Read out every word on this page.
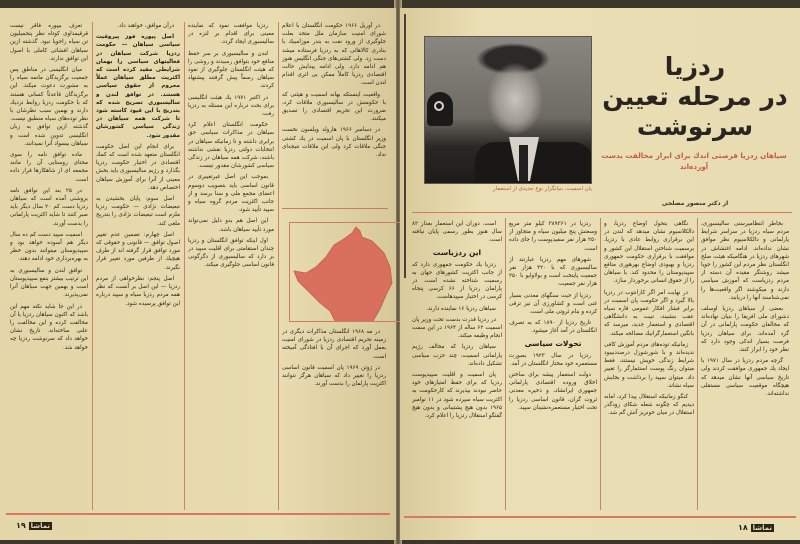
در آوریل ۱۹۶۶ حکومت انگلستان با اعلام شورای امنیت سازمان ملل متحد بعلت جلوگیری از ورود نفت به بندر موزامبیك با بنادری کالاهائی که به ردزیا فرستاده میشد دست زد. ولی کشتی‌های جنگی انگلیس هنوز هم ادامه دارد. ولی ادامه پیدایش حالت اقتصادی ردزیا کاملاً ممکن بی اثری اقدام لندن است.

واقعیت اینستکه بهانه اسمیت و هیئتی که با حکومتش در سالیسبوری ملاقات کرد، ضرورت این تحریم اقتصادی را تصدیق میکنند.

در دسامبر ۱۹۶۶ هارولد ویلسون نخست وزیر انگلستان با پان اسمیت در یك کشتی جنگی ملاقات کرد ولی این ملاقات نتیجه‌ای نداد.

در مه ۱۹۶۸ انگلستان مذاکرات دیگری در زمینه تحریم اقتصادی ردزیا در شورای امنیت بعمل آورد که اجرای آن با افتادگی آمیخته است.

در ژوئن ۱۹۶۹ پان اسمیت قانون اساسی ردزیا را تغییر داد که سیاهان هرگز نتوانند اکثریت پارلمان را بدست آورند.

ردزیا موافقت نمود که نماینده معینی برای اقدام بر لنزه در سالیسبوری ایجاد گردد.

لندن و سالیسبوری بر سر حفظ منافع خود بتوافق رسیدند و روشی را که هیئت انگلستان جلوگیری از نفوذ سیاهان رسماً پیش گرفتند پیشنهاد کردند.

در اکتبر ۱۹۷۱ یك هیئت انگلیسی برای بحث درباره این مسئله به ردزیا رفت.

حکومت انگلستان اعلام کرد سیاهان در مذاکرات سیاسی حق برابری داشته و تا زمانیکه سیاهان در انتخابات دولتی ردزیا نقشی نداشته باشند، شرکت همه سیاهان در زندگی سیاسی کشورشان مقدور نیست.

بموجب این اصل غیرتغییری در قانون اساسی باید بتصویب دوسوم اعضای مجمع ملی و سنا برسد و از جانب اکثریت مردم گروه سیاه و سپید تأیید شود.

این اصل هم بدو دلیل نمی‌تواند مورد تأیید سیاهان باشد.

اول اینکه توافق انگلستان و ردزیا چندان استقامتی برای اقلیت سپید در بر دارد که سالیسبوری از دگرگونی قانون اساسی جلوگیری میکند.

درآن موافق، خواهند داد.

اصل پیوره فوز پیروقیت سیاسی سیاهان — حکومت ردزیا شرکت سیاهان در فعالیتهای سیاسی را بهمان شرایطی مفید کرده است که اکثریت مطلق سیاهان عملاً محروم از حقوق سیاسی هستند. در توافق لندن و سالیسبوری تصریح شده که بتدریج با این قیود کاسته شود تا شرکت همه سیاهان در زندگی سیاسی کشورشان مقدور شود.

برای انجام این اصل حکومت انگلستان متعهد شده است که کمك اقتصادی در اختیار حکومت ردزیا بگذارد و رژیم سالیسبوری باید بخش معینی از آنرا برای آموزش سیاهان اختصاص دهد.

اصل سوم: پایان بخشیدن به تبعیضات نژادی — حکومت ردزیا ملزم است تبعیضات نژادی را بتدریج ملغی کند.

اصل چهارم: تضمین عدم تغییر اصول توافق — قانونی و حقوقی که مورد توافق قرار گرفته اند از طرف هیچیك از طرفین مورد تغییر قرار نگیرند.

اصل پنجم: نظرخواهی از مردم ردزیا — این اصل بر آنست که نظر همه مردم ردزیا سیاه و سپید درباره این توافق پرسیده شود.

تعرف بیپوره فاقر نیست قرقیمداوی کوتاه نظر پنجمیلیون تن سیاه راجویا نبود. گذشته ازین سیاهان افشائی کاملی با اصول این توافق ندارند.

میان انگلیسی در مناطق پس جمعیت برگزیدگان مانمه سیاه را به مشورت دعوت میکند. این برگزیدگان قاعدتاً کسانی هستند که با حکومت ردزیا روابط نزدیك دارند و بهمین سبب نظرشان با نظر توده‌های سیاه منطبق نیست. گذشته ازین توافق به زبان انگلیسی تدوین شده است و سیاهان بیسواد آنرا نمیدانند.

ماده توافق نامه را سوی محتای روستایی آن را مانند مجمعه ای از شاهکارها قرار داده است.

در ۲۵ بند این توافق نامه بروشنی آمده است که سیاهان ردزیا دست کم ۲۰ سال دیگر باید صبر کنند تا شاید اکثریت پارلمانی را بدست آورند.

اسمیت سپید دست کم ده سال دیگر هم آسوده خواهد بود و سپیدپوستان میتوانند بدون خطر به بهره‌برداری خود ادامه دهند.

توافق لندن و سالیسبوری به این ترتیب بیشتر بنفع سپیدپوستان است و بهمین جهت سیاهان آنرا نمی‌پذیرند.

در این جا شاید نکته مهم این باشد که اکنون سیاهان ردزیا با آن مخالفت کرده و این مخالفت را علنی ساخته‌اند. تاریخ نشان خواهد داد که سرنوشت ردزیا چه خواهد شد.

تماشا ۱۹
یان اسمیت، بنیانگزار نوع جدیدی از استعمار
ردزیا
در مرحله تعیین
سرنوشت
سیاهان ردزیا فرصتی اندك برای ابراز مخالفت بدست آورده‌اند
از دکتر منصور مصلحی

است. دوران این استعمار بعداز ۸۲ سال هنوز بطور رسمی پایان نیافته است.

این ردزیاست

ردزیا یك حکومت جمهوری دارد که از جانب اکثریت کشورهای جهان به رسمیت شناخته نشده است. در پارلمان ردزیا از ۶۶ کرسی پنجاه کرسی در اختیار سپیدهاست.

سیاهان ردزیا ۱۶ نماینده دارند.

در ردزیا قدرت بدست تحت وزیر پان اسمیت ۶۲ ساله از ۱۹۶۴ در این سمت انجام وظیفه میکند.

سیاهان ردزیا که مخالف رژیم پارلمانی اسمیت، چند حزب سیاسی تشکیل داده‌اند.

پان اسمیت و اقلیت سپیدپوست ردزیا که برای حفظ امتیازهای خود حاضر نبودند بپذیرند که کارحکومت به اکثریت سیاه سپرده شود در ۱۱ نوامبر ۱۹۶۵ بدون هیچ پشتیبانی و بدون هیچ گفتگو استقلال ردزیا را اعلام کرد.

ردزیا در ۳۸۹۳۶۱ کیلو متر مربع وسعتش پنج میلیون سیاه و متجاوز از ۲۵۰ هزار نفر سفیدپوست را جای داده است.

شهرهای مهم ردزیا عبارتند از سالیسبوری که با ۴۲۰ هزار نفر جمعیت پایتخت است و بولاوایو با ۲۵۰ هزار نفر جمعیت.

ردزیا از حیث سنگهای معدنی بسیار غنی است و کشاورزی آن نیز ترقی کرده و بنام ثروتی ملی است.

تاریخ ردزیا از ۱۸۹۰ که به تصرف انگلستان در آمد آغاز میشود.

تحولات سیاسی

ردزیا در سال ۱۹۲۳ بصورت مستعمره خود مختار انگلستان در آمد.

دولت استعمار پیشه برای ساختن اخلاق وروده اقتصادی پارلمانی جمهوری ایرانشاد، و ذخیره معدنی ثروت گران، قانون اساسی ردزیا را تحت اختیار مستعمره‌نشینان سپید.

نگاهی بتحول اوضاع ردزیا، و دالکلاسیوم نشان میدهد که لندن در این برقراری روابط عادی با ردزیا، برسمیت شناختن استقلال این کشور و موافقت با برقراری حکومت جمهوری ردزیا و بهبودی اوضاع بهرهوری منافع سپیدپوستان را محدود کند. یا سیاهان را از حقوق انسانی برخوردار سازد.

در نهایت امر اگر کارانتوب در ردزیا بالا گیرد و اگر حکومت پان اسمیت در برابر فشار افکار عمومی قاره سیاه عقب بنشیند، تبیت به دانشگاهی اقتصادی و استعمار جدید، میرسد که بانگین استعمارگرانیك مصالحه میکند.

زمانیکه توده‌های مردم آموزش کافی ندیده‌اند و با شورشوزل درصددبیبود شرایط زندگی خویش نیستند، فقط میتوان رنگ پوست استثمارگر را تغییر داد. میتوان سپید را برداشت و بجایش سیاه نشاند.

کنگو زمانیکه استقلال پیدا کرد، امانه دیدیم که چگونه شعله شکای زودگذر استقلال در میان خونریز آتش گم شد.

بخاطر انتظامپرستی سالیسبوری، مردم سیاه ردزیا در سراسر شرایط پارلمانی و دالکلاسیوم نظر موافق نشان نداده‌اند. ادامه اغتشاش در شهرهای ردزیا در هنگامیکه هیئت صلح انگلستان نظر مردم این کشور را جویا میشد روشنگر مقیده آن دسته از مردم ردزیاست که آموزش سیاسی دارند و میکوشند اگر واقعیت‌ها را نمی‌شناسند آنها را دریابند.

بعضی از سیاهان ردزیا اوسلف دشورای ملی افریقا را بنیان نهاده‌اند که مخالفان حکومت پارلمانی در آن گرد آمده‌اند. برای سیاهان ردزیا فرصت بسیار اندکی وجود دارد که نظر خود را ابراز کنند.

گرچه مردم ردزیا در سال ۱۹۷۱ با ایجاد یك جمهوری موافقت کردند ولی تاریخ سیاسی آنها نشان میدهد که هیچگاه موقعیت سیاسی مستقلی نداشته‌اند.

تماشا ۱۸
